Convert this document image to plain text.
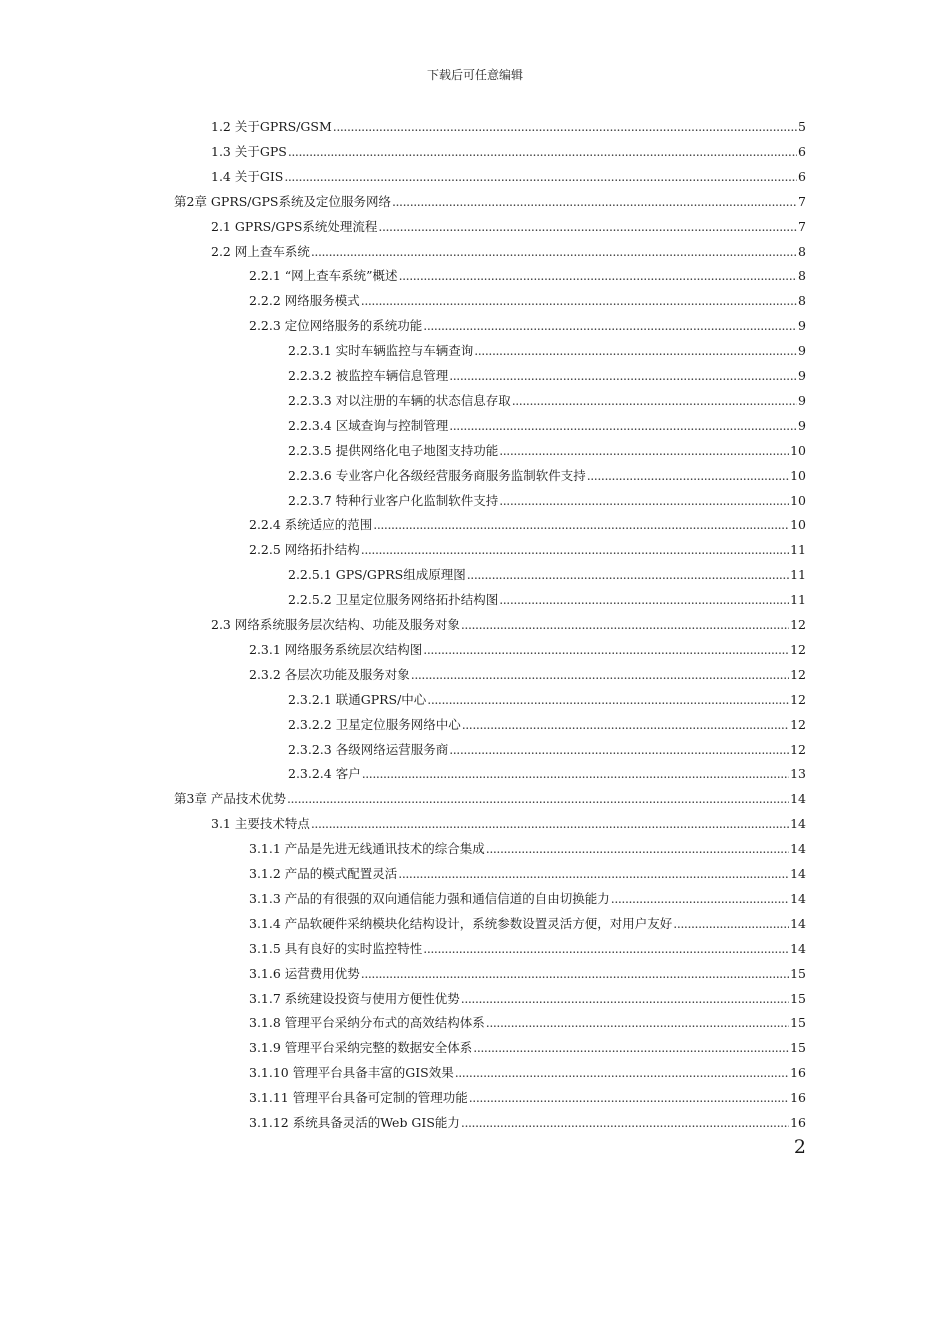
下载后可任意编辑
1.2 关于GPRS/GSM . . .	5
1.3 关于GPS . . .	6
1.4 关于GIS . . .	6
第2章 GPRS/GPS系统及定位服务网络 . . .	7
2.1 GPRS/GPS系统处理流程 . . .	7
2.2 网上查车系统 . . .	8
2.2.1 “网上查车系统”概述 . . .	8
2.2.2 网络服务模式 . . .	8
2.2.3 定位网络服务的系统功能 . . .	9
2.2.3.1 实时车辆监控与车辆查询 . . .	9
2.2.3.2 被监控车辆信息管理 . . .	9
2.2.3.3 对以注册的车辆的状态信息存取 . . .	9
2.2.3.4 区域查询与控制管理 . . .	9
2.2.3.5 提供网络化电子地图支持功能 . . .	10
2.2.3.6 专业客户化各级经营服务商服务监制软件支持 . . .	10
2.2.3.7 特种行业客户化监制软件支持 . . .	10
2.2.4 系统适应的范围 . . .	10
2.2.5 网络拓扑结构 . . .	11
2.2.5.1 GPS/GPRS组成原理图 . . .	11
2.2.5.2 卫星定位服务网络拓扑结构图 . . .	11
2.3 网络系统服务层次结构、功能及服务对象 . . .	12
2.3.1 网络服务系统层次结构图 . . .	12
2.3.2 各层次功能及服务对象 . . .	12
2.3.2.1 联通GPRS/中心 . . .	12
2.3.2.2 卫星定位服务网络中心 . . .	12
2.3.2.3 各级网络运营服务商 . . .	12
2.3.2.4 客户 . . .	13
第3章 产品技术优势 . . .	14
3.1 主要技术特点 . . .	14
3.1.1 产品是先进无线通讯技术的综合集成 . . .	14
3.1.2 产品的模式配置灵活 . . .	14
3.1.3 产品的有很强的双向通信能力强和通信信道的自由切换能力 . . .	14
3.1.4 产品软硬件采纳模块化结构设计，系统参数设置灵活方便，对用户友好 . . .	14
3.1.5 具有良好的实时监控特性 . . .	14
3.1.6 运营费用优势 . . .	15
3.1.7 系统建设投资与使用方便性优势 . . .	15
3.1.8 管理平台采纳分布式的高效结构体系 . . .	15
3.1.9 管理平台采纳完整的数据安全体系 . . .	15
3.1.10 管理平台具备丰富的GIS效果 . . .	16
3.1.11 管理平台具备可定制的管理功能 . . .	16
3.1.12 系统具备灵活的Web GIS能力 . . .	16
2
